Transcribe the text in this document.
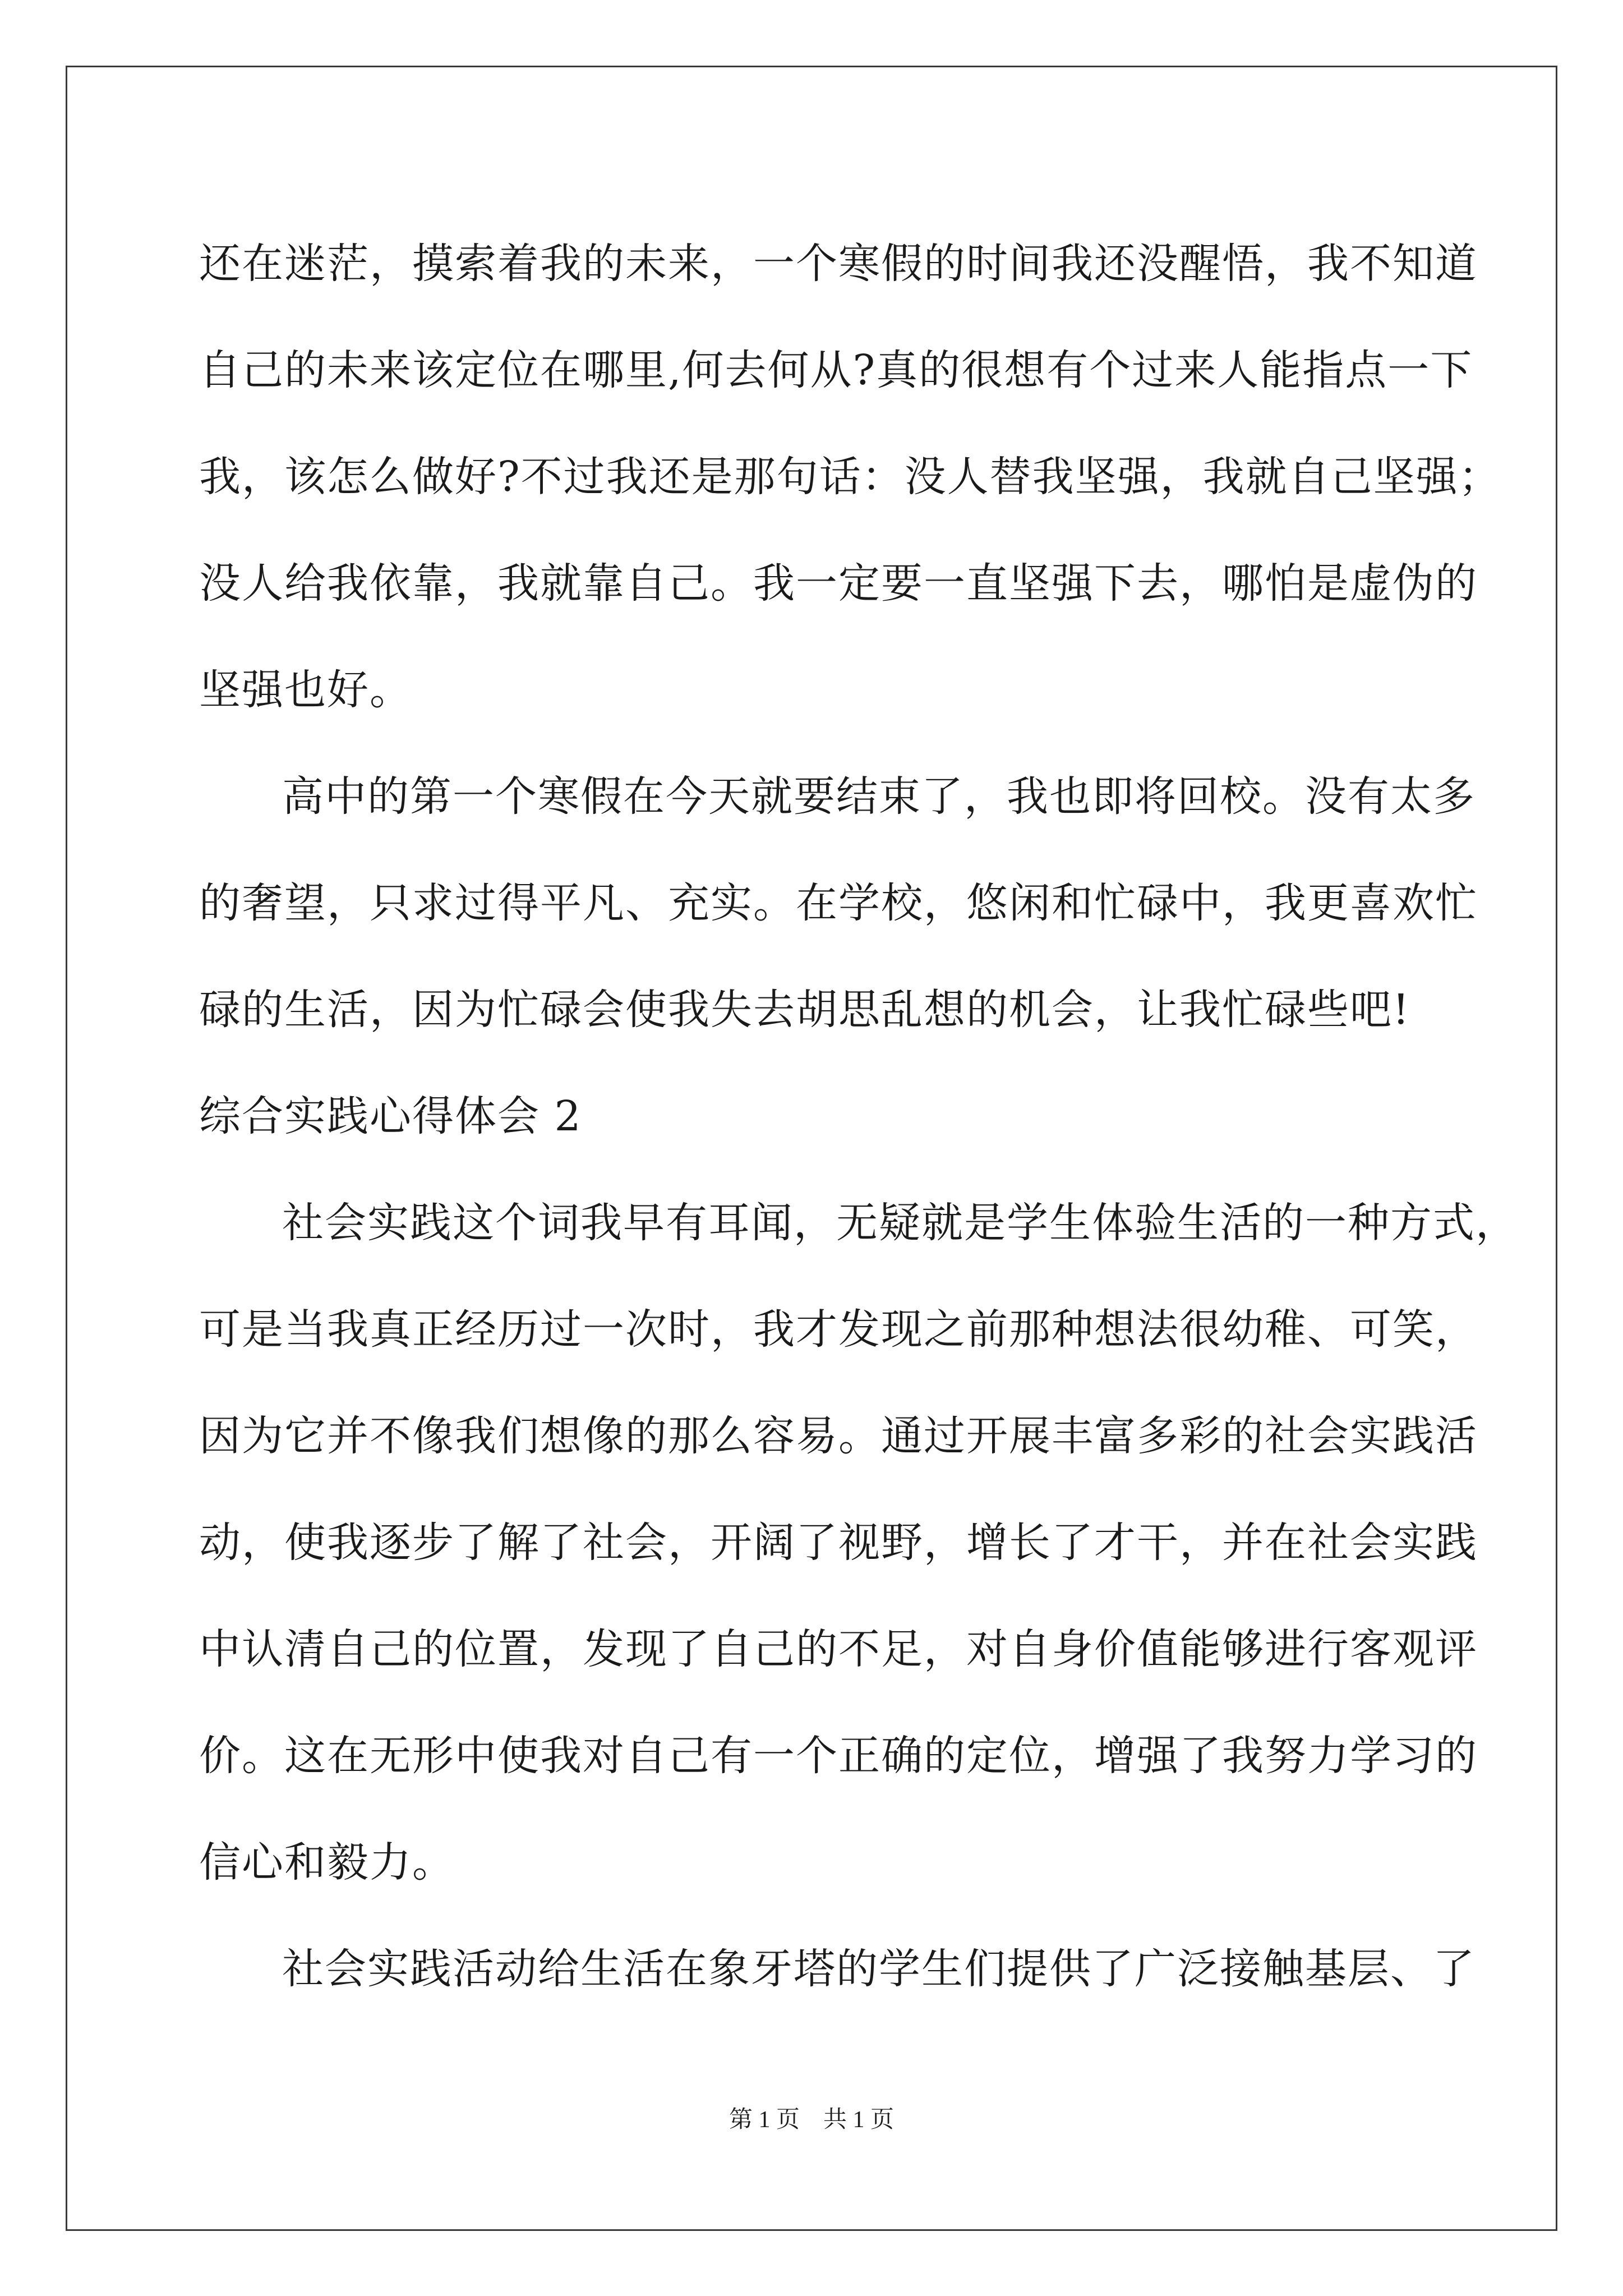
还在迷茫，摸索着我的未来，一个寒假的时间我还没醒悟，我不知道
自己的未来该定位在哪里,何去何从?真的很想有个过来人能指点一下
我，该怎么做好?不过我还是那句话：没人替我坚强，我就自己坚强；
没人给我依靠，我就靠自己。我一定要一直坚强下去，哪怕是虚伪的
坚强也好。
高中的第一个寒假在今天就要结束了，我也即将回校。没有太多
的奢望，只求过得平凡、充实。在学校，悠闲和忙碌中，我更喜欢忙
碌的生活，因为忙碌会使我失去胡思乱想的机会，让我忙碌些吧!
综合实践心得体会 2
社会实践这个词我早有耳闻，无疑就是学生体验生活的一种方式，
可是当我真正经历过一次时，我才发现之前那种想法很幼稚、可笑，
因为它并不像我们想像的那么容易。通过开展丰富多彩的社会实践活
动，使我逐步了解了社会，开阔了视野，增长了才干，并在社会实践
中认清自己的位置，发现了自己的不足，对自身价值能够进行客观评
价。这在无形中使我对自己有一个正确的定位，增强了我努力学习的
信心和毅力。
社会实践活动给生活在象牙塔的学生们提供了广泛接触基层、了
第 1 页　共 1 页
